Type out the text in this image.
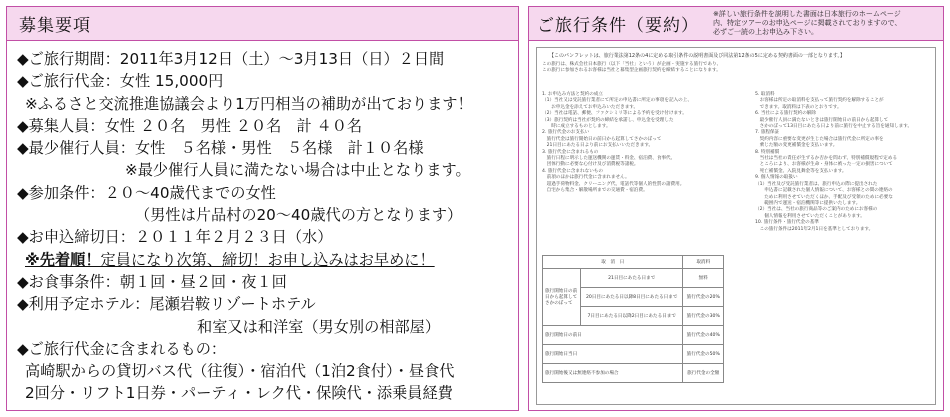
募集要項
◆ご旅行期間：2011年3月12日（土）～3月13日（日）２日間
◆ご旅行代金：女性 15,000円
※ふるさと交流推進協議会より1万円相当の補助が出ております！
◆募集人員：女性 ２０名　男性 ２０名　計 ４０名
◆最少催行人員：女性　５名様・男性　５名様　計１０名様
※最少催行人員に満たない場合は中止となります。
◆参加条件：２０～40歳代までの女性
（男性は片品村の20～40歳代の方となります）
◆お申込締切日：２０１１年２月２３日（水）
※先着順！定員になり次第、締切！お申し込みはお早めに！
◆お食事条件：朝１回・昼２回・夜１回
◆利用予定ホテル：尾瀬岩鞍リゾートホテル
和室又は和洋室（男女別の相部屋）
◆ご旅行代金に含まれるもの：
高崎駅からの貸切バス代（往復）・宿泊代（1泊2食付）・昼食代
2回分・リフト1日券・パーティ・レク代・保険代・添乗員経費
ご旅行条件（要約）
※詳しい旅行条件を説明した書面は日本旅行のホームページ
内、特定ツアーのお申込ページに掲載されておりますので、
必ずご一読の上お申込み下さい。
【このパンフレットは、旅行業法第12条の4に定める取引条件の説明書面及び同法第12条の5に定める契約書面の一部となります。】
この旅行は、株式会社日本旅行（以下「当社」という）が企画・実施する旅行であり、
この旅行に参加されるお客様は当社と募集型企画旅行契約を締結することになります。
1. お申込み方法と契約の成立
（1）当社又は受託旅行業者にて所定の申込書に所定の事項を記入の上、
　　お申込金を添えてお申込みいただきます。
（2）当社は電話、郵便、ファクシミリ等による予約を受け付けます。
（3）旅行契約は当社が契約の締結を承諾し、申込金を受理した
　　時に成立するものとします。
2. 旅行代金のお支払い
　旅行代金は旅行開始日の前日から起算してさかのぼって
　21日目にあたる日より前にお支払いいただきます。
3. 旅行代金に含まれるもの
　旅行日程に明示した運送機関の運賃・料金、宿泊費、食事代、
　団体行動に必要な心付け及び消費税等諸税。
4. 旅行代金に含まれないもの
　前項のほかは旅行代金に含まれません。
　超過手荷物料金、クリーニング代、電話代等個人的性質の諸費用。
　自宅から集合・解散場所までの交通費・宿泊費。
5. 取消料
　お客様は所定の取消料を支払って旅行契約を解除することが
　できます。取消料は下表のとおりです。
6. 当社による旅行契約の解除
　最少催行人員に満たないときは旅行開始日の前日から起算して
　さかのぼって13日目にあたる日より前に旅行を中止する旨を通知します。
7. 旅程保証
　契約内容に重要な変更が生じた場合は旅行代金に所定の率を
　乗じた額の変更補償金を支払います。
8. 特別補償
　当社は当社の責任が生ずるか否かを問わず、特別補償規程で定める
　ところにより、お客様が生命・身体に被った一定の損害について
　死亡補償金、入院見舞金等を支払います。
9. 個人情報の取扱い
（1）当社及び受託旅行業者は、旅行申込の際に提出された
　　申込書に記載された個人情報について、お客様との間の連絡の
　　ために利用させていただくほか、手配及び受領のために必要な
　　範囲内で運送・宿泊機関等に提供いたします。
（2）当社は、当社の旅行商品等のご案内のためにお客様の
　　個人情報を利用させていただくことがあります。
10. 旅行条件・旅行代金の基準
　この旅行条件は2011年2月1日を基準としております。
取　消　日		取消料
旅行開始日の前日から起算してさかのぼって	21日目にあたる日まで	無料
	20日目にあたる日以降8日目にあたる日まで	旅行代金の20%
	7日目にあたる日以降2日目にあたる日まで	旅行代金の30%
旅行開始日の前日		旅行代金の40%
旅行開始日当日		旅行代金の50%
旅行開始後又は無連絡不参加の場合		旅行代金の全額
